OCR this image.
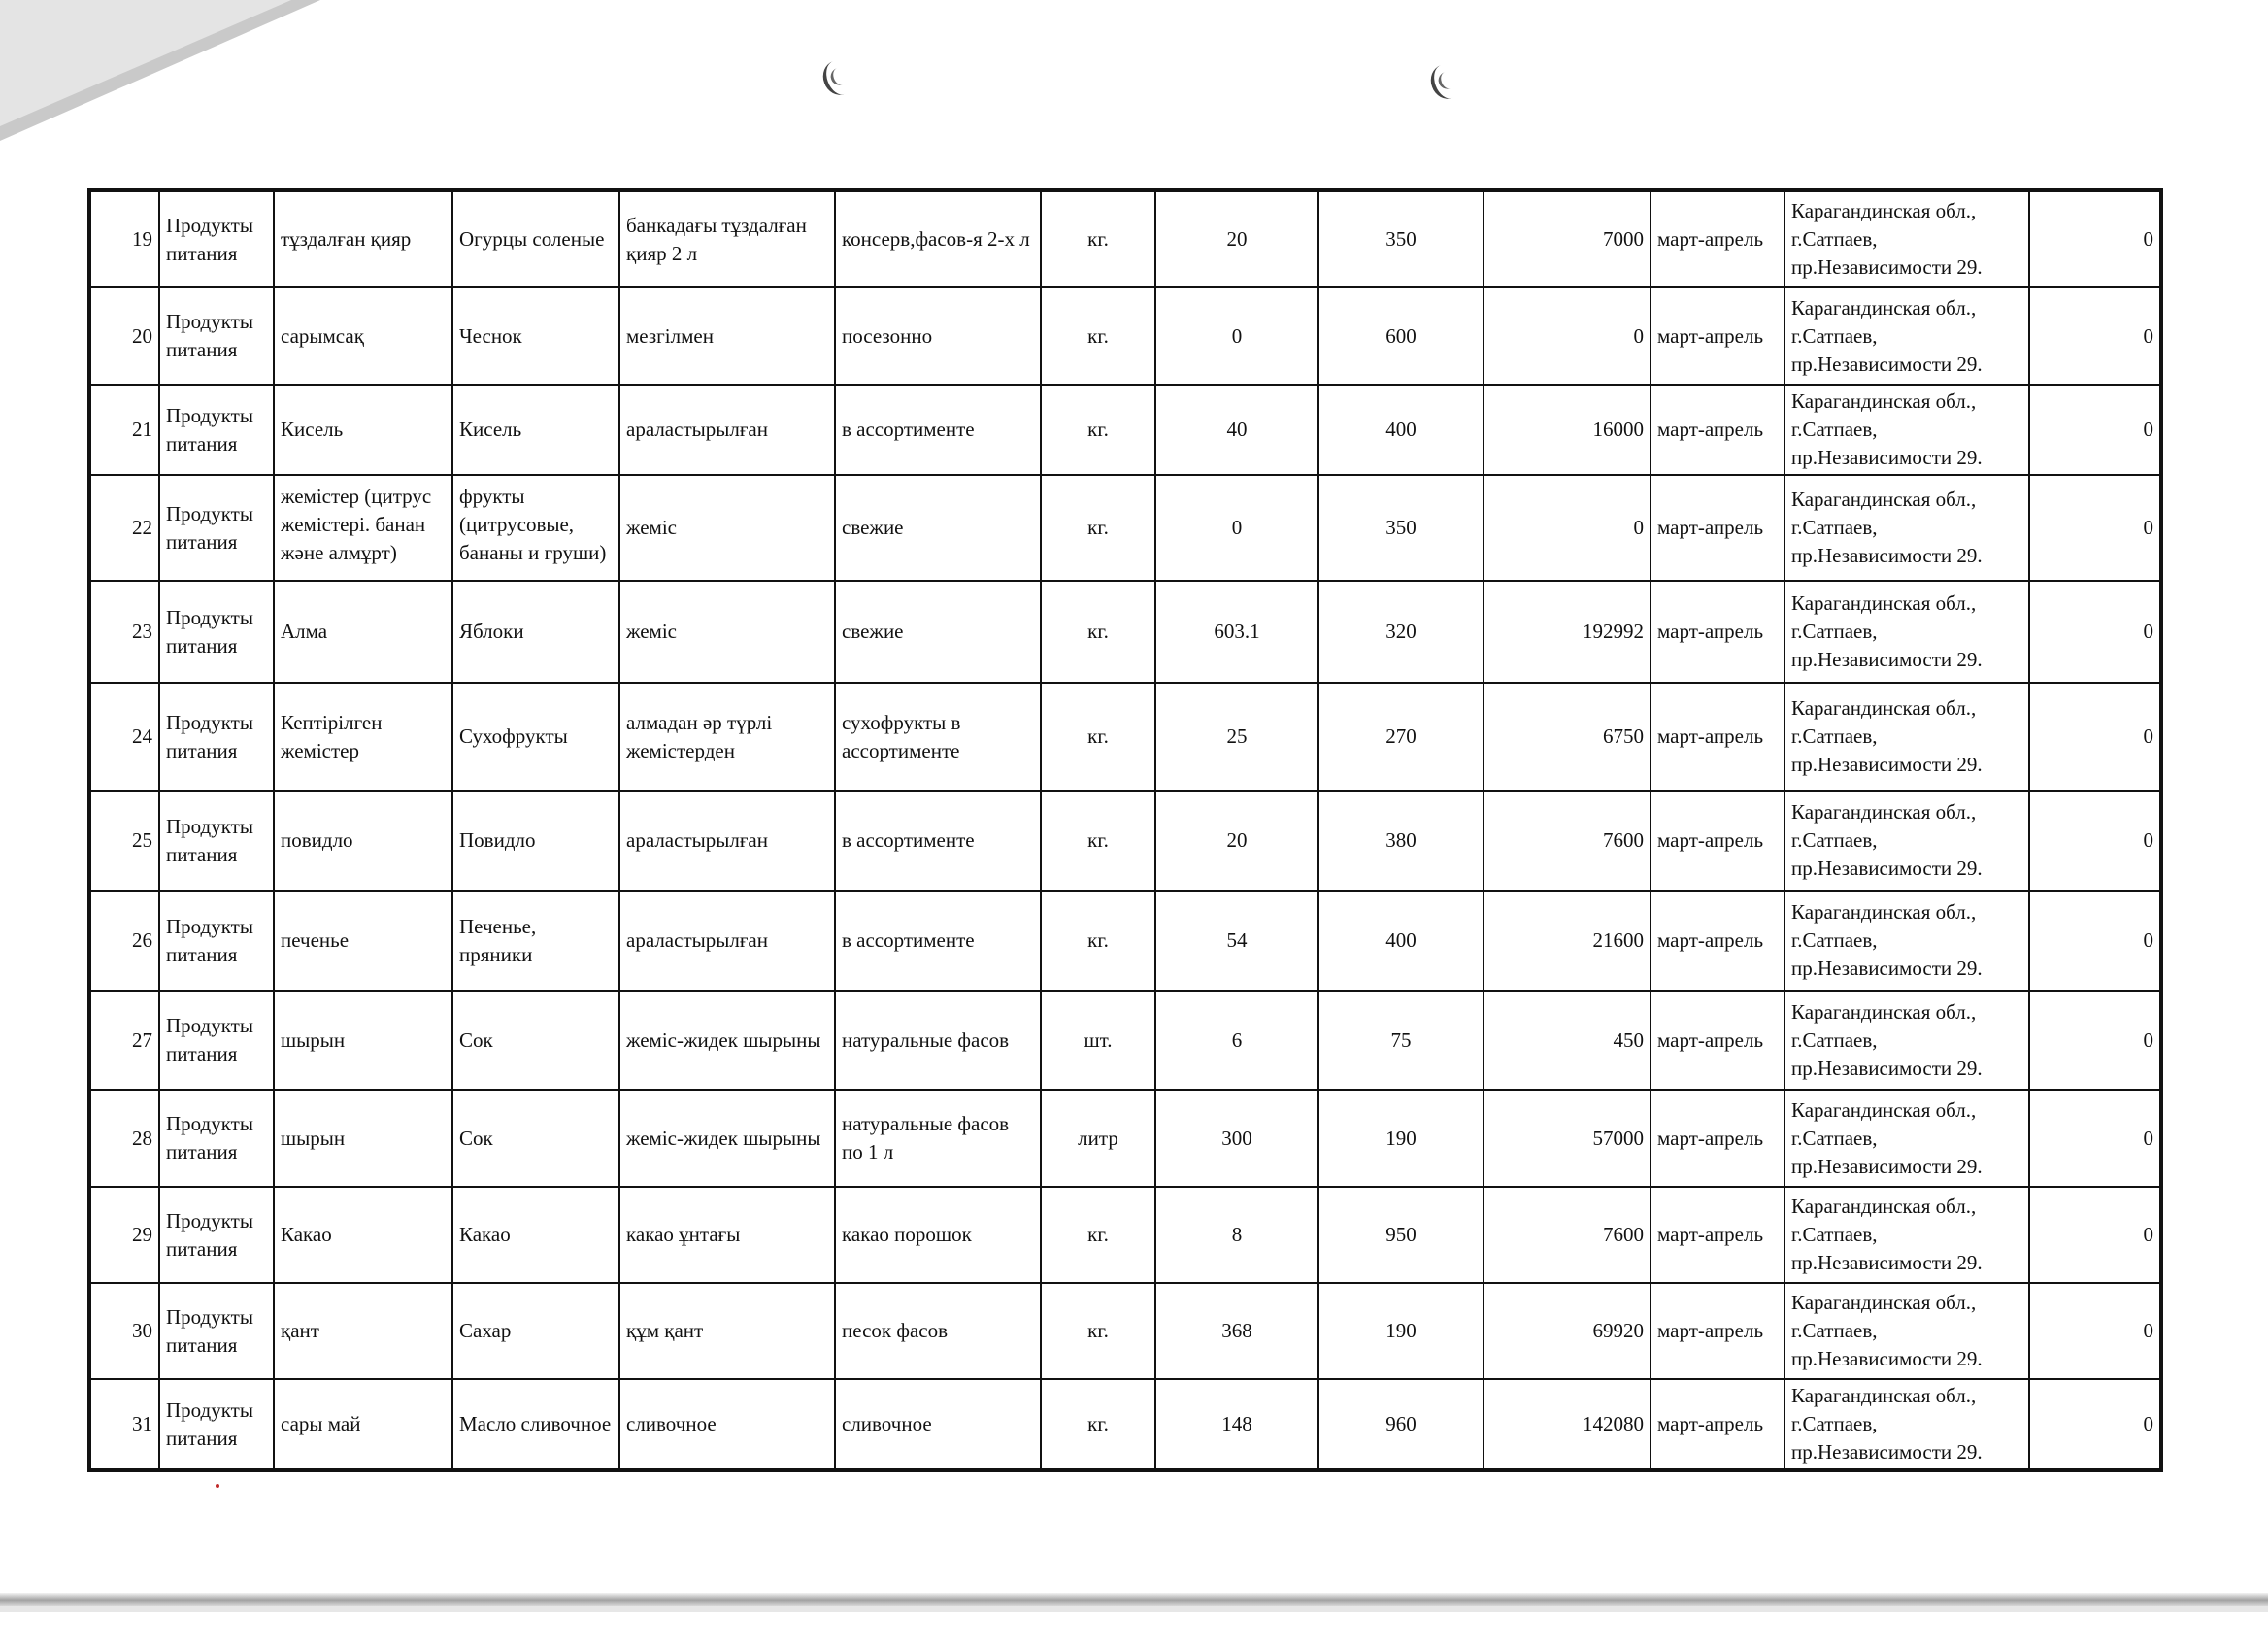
19	Продукты питания	тұздалған қияр	Огурцы соленые	банкадағы тұздалған қияр 2 л	консерв,фасов-я 2-х л	кг.	20	350	7000	март-апрель	Карагандинская обл., г.Сатпаев, пр.Независимости 29.	0
20	Продукты питания	сарымсақ	Чеснок	мезгілмен	посезонно	кг.	0	600	0	март-апрель	Карагандинская обл., г.Сатпаев, пр.Независимости 29.	0
21	Продукты питания	Кисель	Кисель	араластырылған	в ассортименте	кг.	40	400	16000	март-апрель	Карагандинская обл., г.Сатпаев, пр.Независимости 29.	0
22	Продукты питания	жемістер (цитрус жемістері. банан және алмұрт)	фрукты (цитрусовые, бананы и груши)	жеміс	свежие	кг.	0	350	0	март-апрель	Карагандинская обл., г.Сатпаев, пр.Независимости 29.	0
23	Продукты питания	Алма	Яблоки	жеміс	свежие	кг.	603.1	320	192992	март-апрель	Карагандинская обл., г.Сатпаев, пр.Независимости 29.	0
24	Продукты питания	Кептірілген жемістер	Сухофрукты	алмадан әр түрлі жемістерден	сухофрукты в ассортименте	кг.	25	270	6750	март-апрель	Карагандинская обл., г.Сатпаев, пр.Независимости 29.	0
25	Продукты питания	повидло	Повидло	араластырылған	в ассортименте	кг.	20	380	7600	март-апрель	Карагандинская обл., г.Сатпаев, пр.Независимости 29.	0
26	Продукты питания	печенье	Печенье, пряники	араластырылған	в ассортименте	кг.	54	400	21600	март-апрель	Карагандинская обл., г.Сатпаев, пр.Независимости 29.	0
27	Продукты питания	шырын	Сок	жеміс-жидек шырыны	натуральные фасов	шт.	6	75	450	март-апрель	Карагандинская обл., г.Сатпаев, пр.Независимости 29.	0
28	Продукты питания	шырын	Сок	жеміс-жидек шырыны	натуральные фасов по 1 л	литр	300	190	57000	март-апрель	Карагандинская обл., г.Сатпаев, пр.Независимости 29.	0
29	Продукты питания	Какао	Какао	какао ұнтағы	какао порошок	кг.	8	950	7600	март-апрель	Карагандинская обл., г.Сатпаев, пр.Независимости 29.	0
30	Продукты питания	қант	Сахар	құм қант	песок фасов	кг.	368	190	69920	март-апрель	Карагандинская обл., г.Сатпаев, пр.Независимости 29.	0
31	Продукты питания	сары май	Масло сливочное	сливочное	сливочное	кг.	148	960	142080	март-апрель	Карагандинская обл., г.Сатпаев, пр.Независимости 29.	0
